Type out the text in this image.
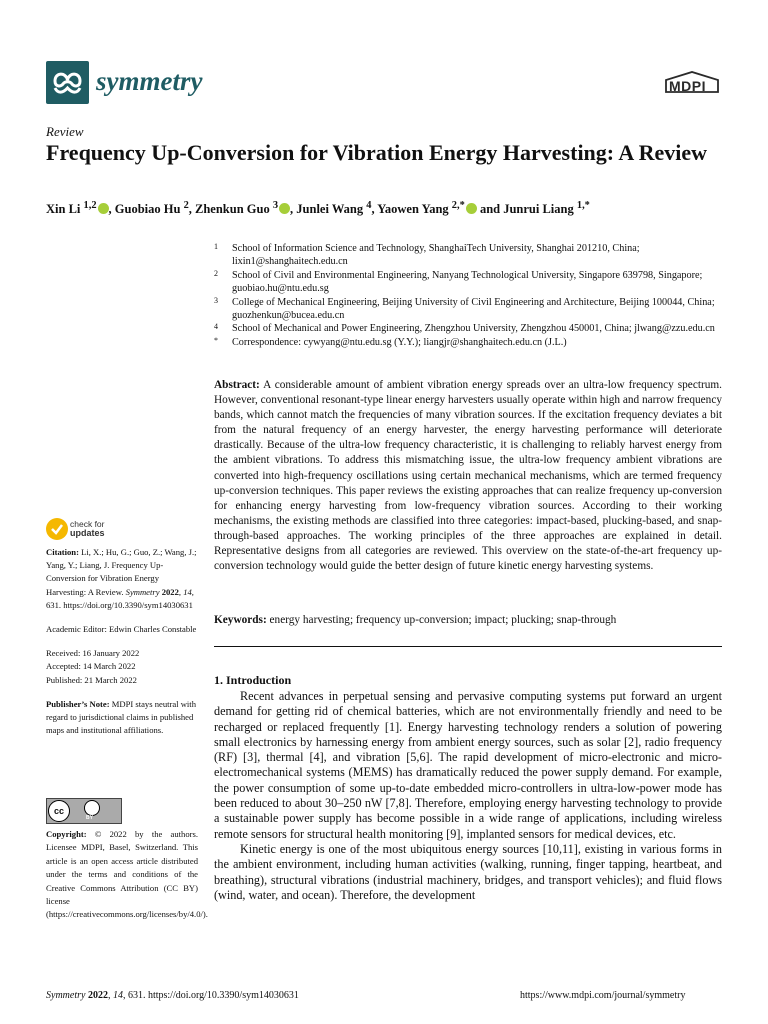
symmetry	MDPI
Review
Frequency Up-Conversion for Vibration Energy Harvesting: A Review
Xin Li $^{1,2}$ , Guobiao Hu $^2$, Zhenkun Guo $^3$ , Junlei Wang $^4$, Yaowen Yang $^{2,*}$ and Junrui Liang $^{1,*}$
1 School of Information Science and Technology, ShanghaiTech University, Shanghai 201210, China; lixin1@shanghaitech.edu.cn
2 School of Civil and Environmental Engineering, Nanyang Technological University, Singapore 639798, Singapore; guobiao.hu@ntu.edu.sg
3 College of Mechanical Engineering, Beijing University of Civil Engineering and Architecture, Beijing 100044, China; guozhenkun@bucea.edu.cn
4 School of Mechanical and Power Engineering, Zhengzhou University, Zhengzhou 450001, China; jlwang@zzu.edu.cn
* Correspondence: cywyang@ntu.edu.sg (Y.Y.); liangjr@shanghaitech.edu.cn (J.L.)
Abstract: A considerable amount of ambient vibration energy spreads over an ultra-low frequency spectrum. However, conventional resonant-type linear energy harvesters usually operate within high and narrow frequency bands, which cannot match the frequencies of many vibration sources. If the excitation frequency deviates a bit from the natural frequency of an energy harvester, the energy harvesting performance will deteriorate drastically. Because of the ultra-low frequency characteristic, it is challenging to reliably harvest energy from the ambient vibrations. To address this mismatching issue, the ultra-low frequency ambient vibrations are converted into high-frequency oscillations using certain mechanical mechanisms, which are termed frequency up-conversion techniques. This paper reviews the existing approaches that can realize frequency up-conversion for enhancing energy harvesting from low-frequency vibration sources. According to their working mechanisms, the existing methods are classified into three categories: impact-based, plucking-based, and snap-through-based approaches. The working principles of the three approaches are explained in detail. Representative designs from all categories are reviewed. This overview on the state-of-the-art frequency up-conversion technology would guide the better design of future kinetic energy harvesting systems.
Keywords: energy harvesting; frequency up-conversion; impact; plucking; snap-through
check for
updates
Citation: Li, X.; Hu, G.; Guo, Z.; Wang, J.; Yang, Y.; Liang, J. Frequency Up-Conversion for Vibration Energy Harvesting: A Review. Symmetry 2022, 14, 631. https://doi.org/10.3390/sym14030631
Academic Editor: Edwin Charles Constable
Received: 16 January 2022
Accepted: 14 March 2022
Published: 21 March 2022
Publisher’s Note: MDPI stays neutral with regard to jurisdictional claims in published maps and institutional affiliations.
cc
BY
Copyright: © 2022 by the authors. Licensee MDPI, Basel, Switzerland. This article is an open access article distributed under the terms and conditions of the Creative Commons Attribution (CC BY) license (https://creativecommons.org/licenses/by/4.0/).
1. Introduction

Recent advances in perpetual sensing and pervasive computing systems put forward an urgent demand for getting rid of chemical batteries, which are not environmentally friendly and need to be recharged or replaced frequently [1]. Energy harvesting technology renders a solution of powering small electronics by harnessing energy from ambient energy sources, such as solar [2], radio frequency (RF) [3], thermal [4], and vibration [5,6]. The rapid development of micro-electronic and micro-electromechanical systems (MEMS) has dramatically reduced the power supply demand. For example, the power consumption of some up-to-date embedded micro-controllers in ultra-low-power mode has been reduced to about 30–250 nW [7,8]. Therefore, employing energy harvesting technology to provide a sustainable power supply has become possible in a wide range of applications, including wireless remote sensors for structural health monitoring [9], implanted sensors for medical devices, etc.

Kinetic energy is one of the most ubiquitous energy sources [10,11], existing in various forms in the ambient environment, including human activities (walking, running, finger tapping, heartbeat, and breathing), structural vibrations (industrial machinery, bridges, and transport vehicles); and fluid flows (wind, water, and ocean). Therefore, the development

Symmetry 2022, 14, 631. https://doi.org/10.3390/sym14030631	https://www.mdpi.com/journal/symmetry
